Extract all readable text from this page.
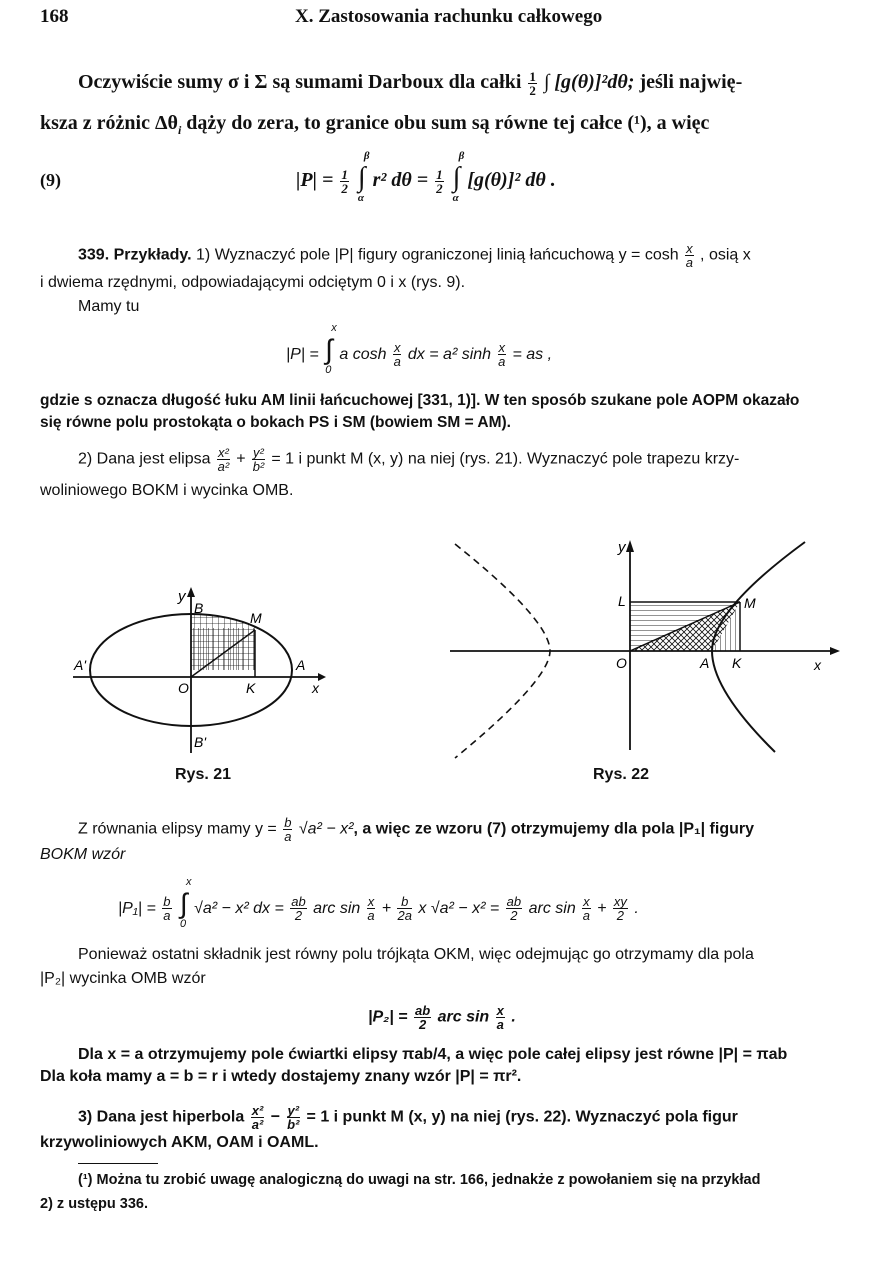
168	X. Zastosowania rachunku całkowego
Oczywiście sumy σ i Σ są sumami Darboux dla całki $\frac{1}{2}$ ∫ [g(θ)]²dθ; jeśli najwię-
ksza z różnic $\Delta\theta_i$ dąży do zera, to granice obu sum są równe tej całce (¹), a więc
(9)	$|P| = \frac{1}{2}$ ∫
β
α
r² $d\theta = \frac{1}{2}$ ∫
β
α
[g(θ)]² dθ .
339. Przykłady. 1) Wyznaczyć pole |P| figury ograniczonej linią łańcuchową $y = \cosh \frac{x}{a}$ , osią x
i dwiema rzędnymi, odpowiadającymi odciętym 0 i x (rys. 9).
Mamy tu
|P| = ∫
x
0
a $\cosh \frac{x}{a}$ dx = a² $\sinh \frac{x}{a}$ = as ,
gdzie s oznacza długość łuku AM linii łańcuchowej [331, 1)]. W ten sposób szukane pole AOPM okazało
się równe polu prostokąta o bokach PS i SM (bowiem SM = AM).
2) Dana jest elipsa $\frac{\text{x²}}{\text{a²}} + \frac{\text{y²}}{\text{b²}} = 1$ i punkt M (x, y) na niej (rys. 21). Wyznaczyć pole trapezu krzy-
woliniowego BOKM i wycinka OMB.
y
B
M
A'	A
O	K	x
B'
Rys. 21
y
L	M
O	A K	x
Rys. 22
Z równania elipsy mamy $y = \frac{b}{a} √a^2 - x^2$, a więc ze wzoru (7) otrzymujemy dla pola |P₁| figury
BOKM wzór
$|P_1| = \frac{b}{a}$ ∫
x
0
√a² − x² dx = $\frac{ab}{2}$ arc $\sin \frac{x}{a} + \frac{b}{2a}$ x $√a^2 - x^2 = \frac{ab}{2}$ arc $\sin \frac{x}{a} + \frac{xy}{2}$ .
Ponieważ ostatni składnik jest równy polu trójkąta OKM, więc odejmując go otrzymamy dla pola
|P₂| wycinka OMB wzór
$|P_2| = \frac{ab}{2}$ arc $\sin \frac{x}{a}$ .
Dla x = a otrzymujemy pole ćwiartki elipsy πab/4, a więc pole całej elipsy jest równe |P| = πab
Dla koła mamy a = b = r i wtedy dostajemy znany wzór |P| = πr².
3) Dana jest hiperbola $\frac{\text{x²}}{\text{a²}} - \frac{\text{y²}}{\text{b²}} = 1$ i punkt M (x, y) na niej (rys. 22). Wyznaczyć pola figur
krzywoliniowych AKM, OAM i OAML.
(¹) Można tu zrobić uwagę analogiczną do uwagi na str. 166, jednakże z powołaniem się na przykład
2) z ustępu 336.
